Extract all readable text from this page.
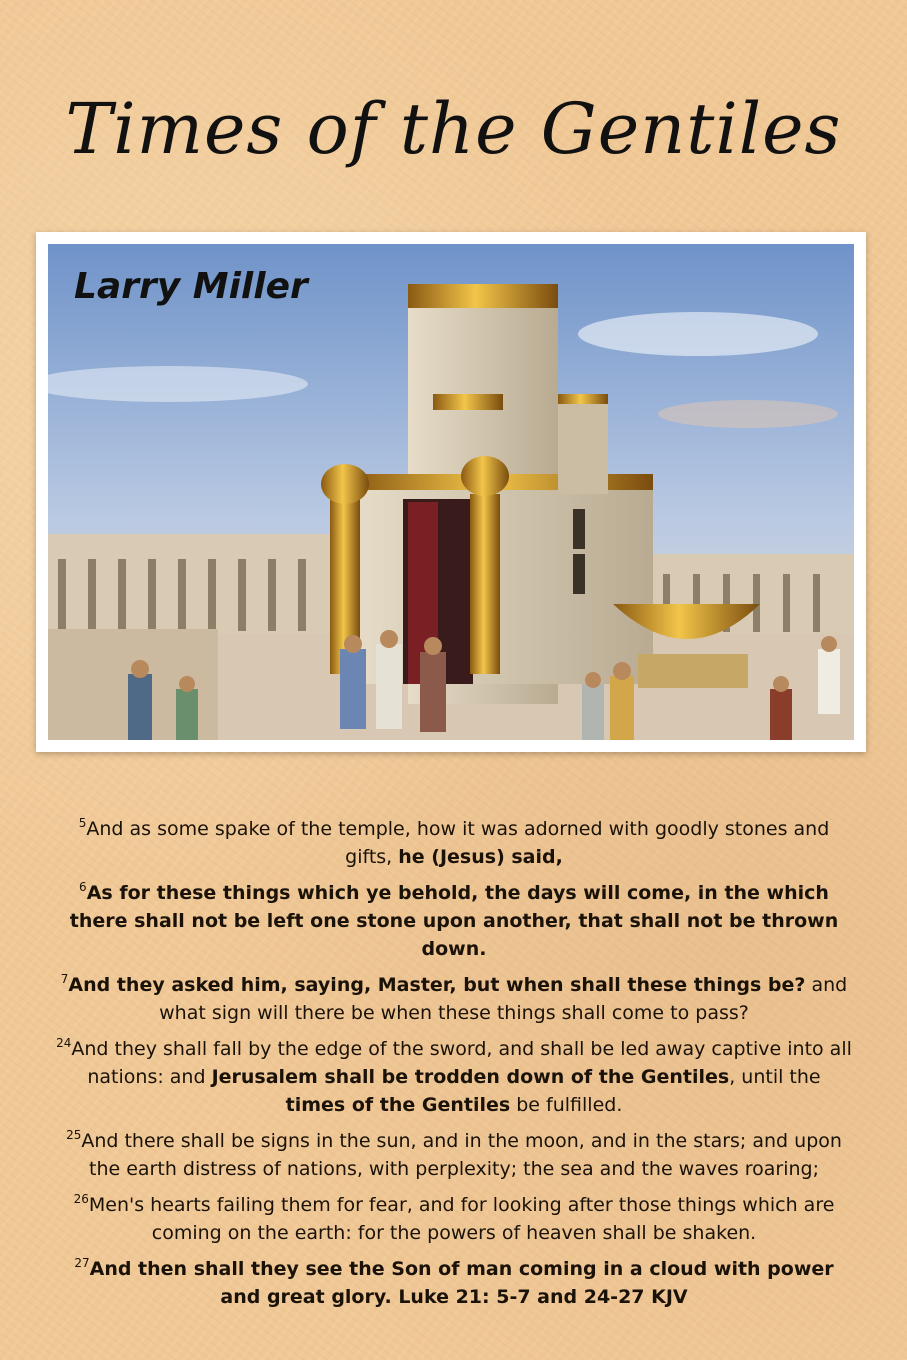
Times of the Gentiles
Larry Miller

$^5$And as some spake of the temple, how it was adorned with goodly stones and gifts, he (Jesus) said,

$^6$As for these things which ye behold, the days will come, in the which there shall not be left one stone upon another, that shall not be thrown down.

$^7$And they asked him, saying, Master, but when shall these things be? and what sign will there be when these things shall come to pass?

$^{24}$And they shall fall by the edge of the sword, and shall be led away captive into all nations: and Jerusalem shall be trodden down of the Gentiles, until the times of the Gentiles be fulfilled.

$^{25}$And there shall be signs in the sun, and in the moon, and in the stars; and upon the earth distress of nations, with perplexity; the sea and the waves roaring;

$^{26}$Men's hearts failing them for fear, and for looking after those things which are coming on the earth: for the powers of heaven shall be shaken.

$^{27}$And then shall they see the Son of man coming in a cloud with power and great glory. Luke 21: 5-7 and 24-27 KJV
